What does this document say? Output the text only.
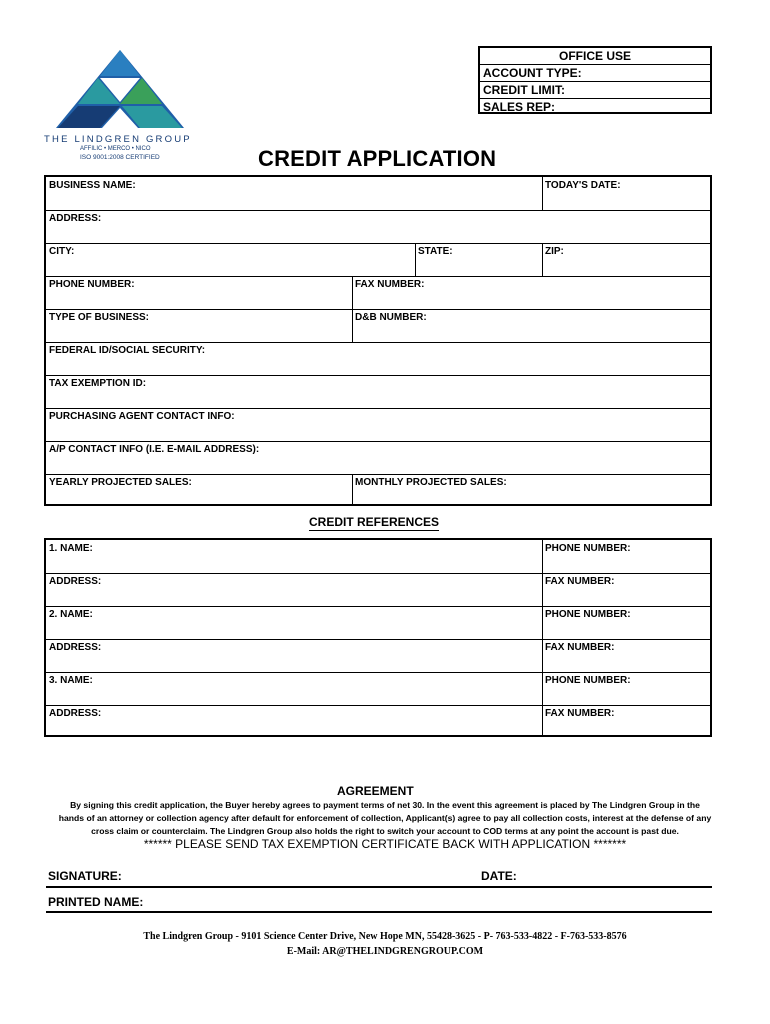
THE LINDGREN GROUP
AFFILIC • MERCO • NICO
ISO 9001:2008 CERTIFIED
OFFICE USE
ACCOUNT TYPE:
CREDIT LIMIT:
SALES REP:
CREDIT APPLICATION
BUSINESS NAME:	TODAY'S DATE:
ADDRESS:
CITY:	STATE:	ZIP:
PHONE NUMBER:	FAX NUMBER:
TYPE OF BUSINESS:	D&B NUMBER:
FEDERAL ID/SOCIAL SECURITY:
TAX EXEMPTION ID:
PURCHASING AGENT CONTACT INFO:
A/P CONTACT INFO (I.E. E-MAIL ADDRESS):
YEARLY PROJECTED SALES:	MONTHLY PROJECTED SALES:
CREDIT REFERENCES
1. NAME:	PHONE NUMBER:
ADDRESS:	FAX NUMBER:
2. NAME:	PHONE NUMBER:
ADDRESS:	FAX NUMBER:
3. NAME:	PHONE NUMBER:
ADDRESS:	FAX NUMBER:
AGREEMENT
By signing this credit application, the Buyer hereby agrees to payment terms of net 30. In the event this agreement is placed by The Lindgren Group in the
hands of an attorney or collection agency after default for enforcement of collection, Applicant(s) agree to pay all collection costs, interest at the defense of any
cross claim or counterclaim. The Lindgren Group also holds the right to switch your account to COD terms at any point the account is past due.
****** PLEASE SEND TAX EXEMPTION CERTIFICATE BACK WITH APPLICATION *******
SIGNATURE:	DATE:
PRINTED NAME:
The Lindgren Group - 9101 Science Center Drive, New Hope MN, 55428-3625 - P- 763-533-4822 - F-763-533-8576
E-Mail: AR@THELINDGRENGROUP.COM
